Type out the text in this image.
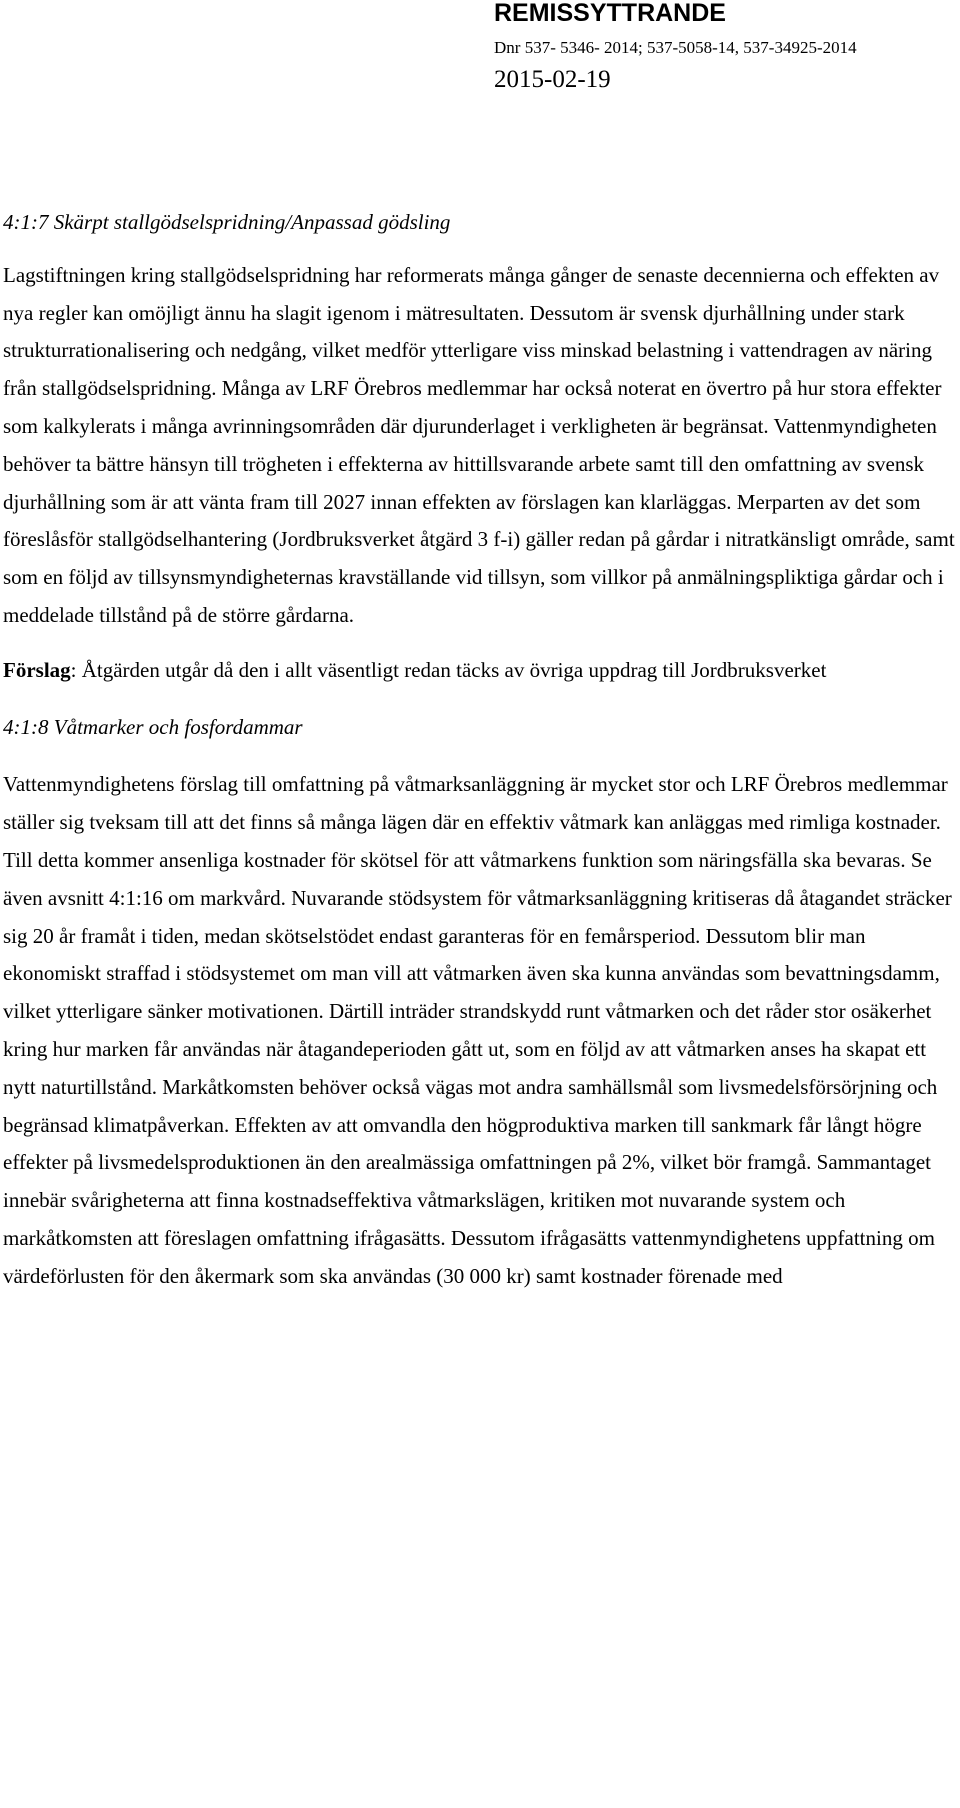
REMISSYTTRANDE
Dnr 537- 5346- 2014; 537-5058-14, 537-34925-2014
2015-02-19

4:1:7 Skärpt stallgödselspridning/Anpassad gödsling

Lagstiftningen kring stallgödselspridning har reformerats många gånger de senaste decennierna och effekten av nya regler kan omöjligt ännu ha slagit igenom i mätresultaten. Dessutom är svensk djurhållning under stark strukturrationalisering och nedgång, vilket medför ytterligare viss minskad belastning i vattendragen av näring från stallgödselspridning. Många av LRF Örebros medlemmar har också noterat en övertro på hur stora effekter som kalkylerats i många avrinningsområden där djurunderlaget i verkligheten är begränsat. Vattenmyndigheten behöver ta bättre hänsyn till trögheten i effekterna av hittillsvarande arbete samt till den omfattning av svensk djurhållning som är att vänta fram till 2027 innan effekten av förslagen kan klarläggas. Merparten av det som föreslåsför stallgödselhantering (Jordbruksverket åtgärd 3 f-i) gäller redan på gårdar i nitratkänsligt område, samt som en följd av tillsynsmyndigheternas kravställande vid tillsyn, som villkor på anmälningspliktiga gårdar och i meddelade tillstånd på de större gårdarna.

Förslag: Åtgärden utgår då den i allt väsentligt redan täcks av övriga uppdrag till Jordbruksverket

4:1:8 Våtmarker och fosfordammar

Vattenmyndighetens förslag till omfattning på våtmarksanläggning är mycket stor och LRF Örebros medlemmar ställer sig tveksam till att det finns så många lägen där en effektiv våtmark kan anläggas med rimliga kostnader. Till detta kommer ansenliga kostnader för skötsel för att våtmarkens funktion som näringsfälla ska bevaras. Se även avsnitt 4:1:16 om markvård. Nuvarande stödsystem för våtmarksanläggning kritiseras då åtagandet sträcker sig 20 år framåt i tiden, medan skötselstödet endast garanteras för en femårsperiod. Dessutom blir man ekonomiskt straffad i stödsystemet om man vill att våtmarken även ska kunna användas som bevattningsdamm, vilket ytterligare sänker motivationen. Därtill inträder strandskydd runt våtmarken och det råder stor osäkerhet kring hur marken får användas när åtagandeperioden gått ut, som en följd av att våtmarken anses ha skapat ett nytt naturtillstånd. Markåtkomsten behöver också vägas mot andra samhällsmål som livsmedelsförsörjning och begränsad klimatpåverkan. Effekten av att omvandla den högproduktiva marken till sankmark får långt högre effekter på livsmedelsproduktionen än den arealmässiga omfattningen på 2%, vilket bör framgå. Sammantaget innebär svårigheterna att finna kostnadseffektiva våtmarkslägen, kritiken mot nuvarande system och markåtkomsten att föreslagen omfattning ifrågasätts. Dessutom ifrågasätts vattenmyndighetens uppfattning om värdeförlusten för den åkermark som ska användas (30 000 kr) samt kostnader förenade med
